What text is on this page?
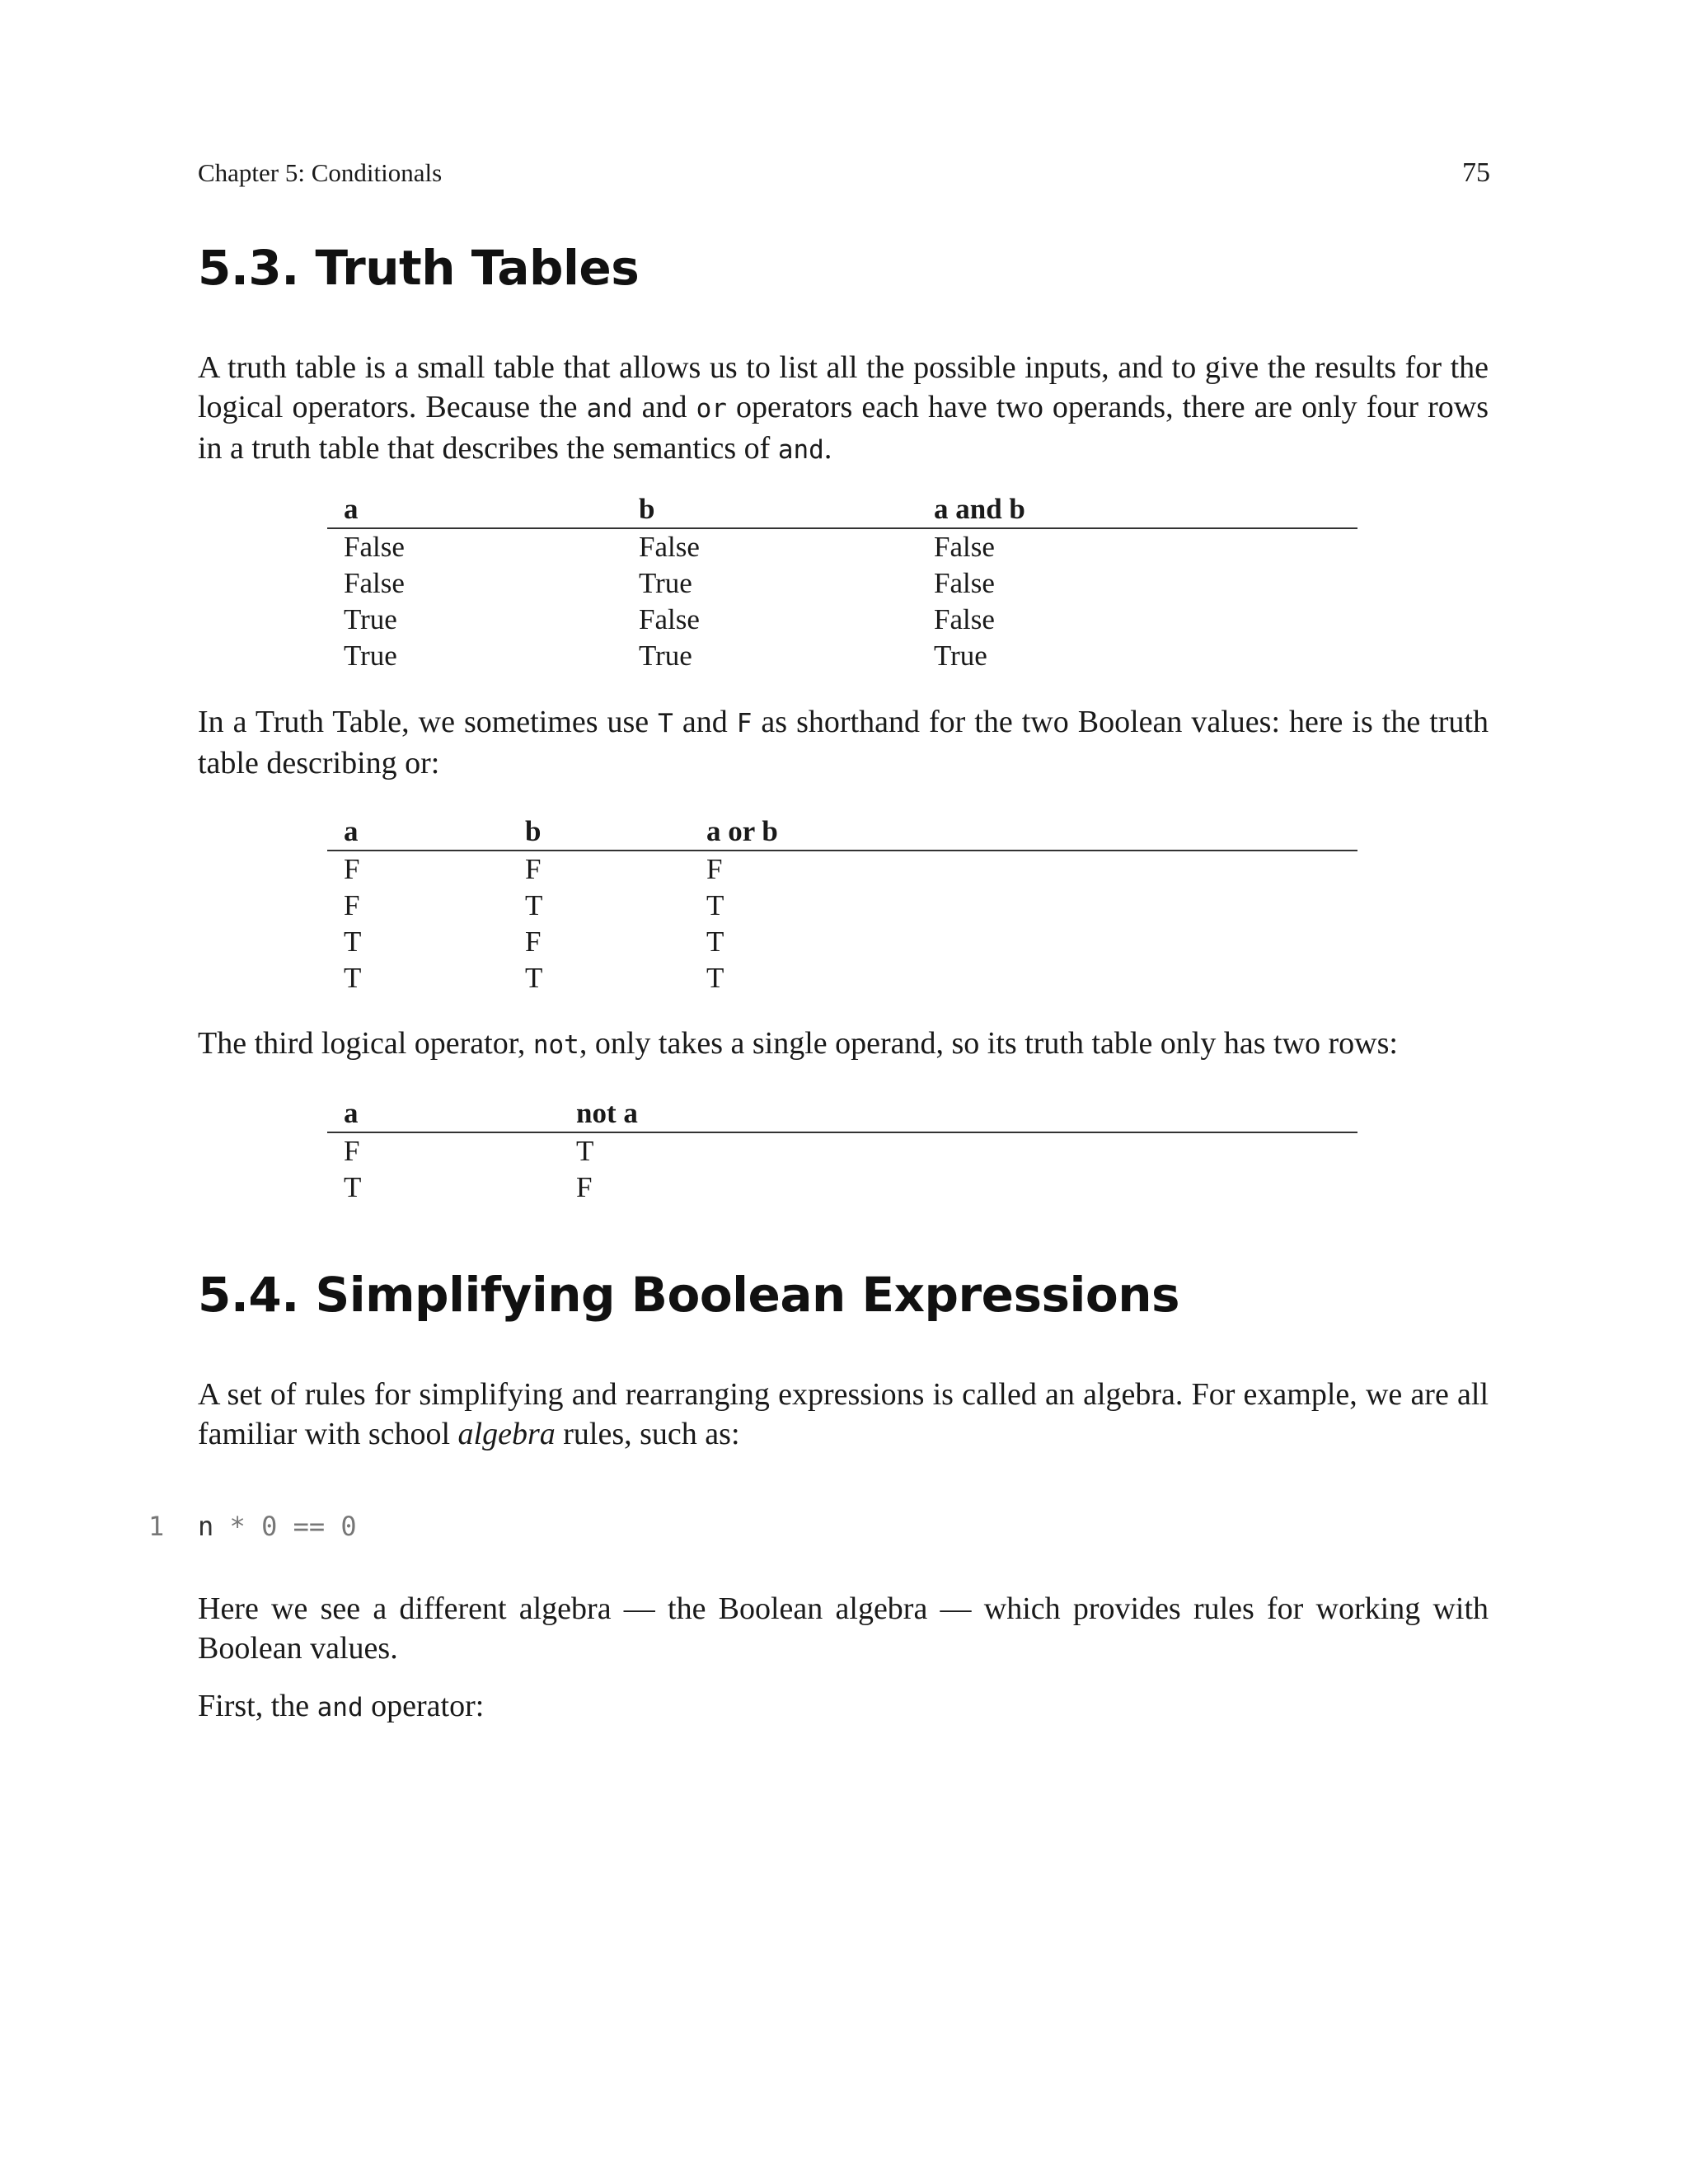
Chapter 5: Conditionals	75
5.3. Truth Tables

A truth table is a small table that allows us to list all the possible inputs, and to give the results for the logical operators. Because the and and or operators each have two operands, there are only four rows in a truth table that describes the semantics of and.

a	b	a and b
False	False	False
False	True	False
True	False	False
True	True	True

In a Truth Table, we sometimes use T and F as shorthand for the two Boolean values: here is the truth table describing or:

a	b	a or b
F	F	F
F	T	T
T	F	T
T	T	T

The third logical operator, not, only takes a single operand, so its truth table only has two rows:

a	not a
F	T
T	F
5.4. Simplifying Boolean Expressions

A set of rules for simplifying and rearranging expressions is called an algebra. For example, we are all familiar with school algebra rules, such as:

1 n * 0 == 0

Here we see a different algebra — the Boolean algebra — which provides rules for working with Boolean values.

First, the and operator:
